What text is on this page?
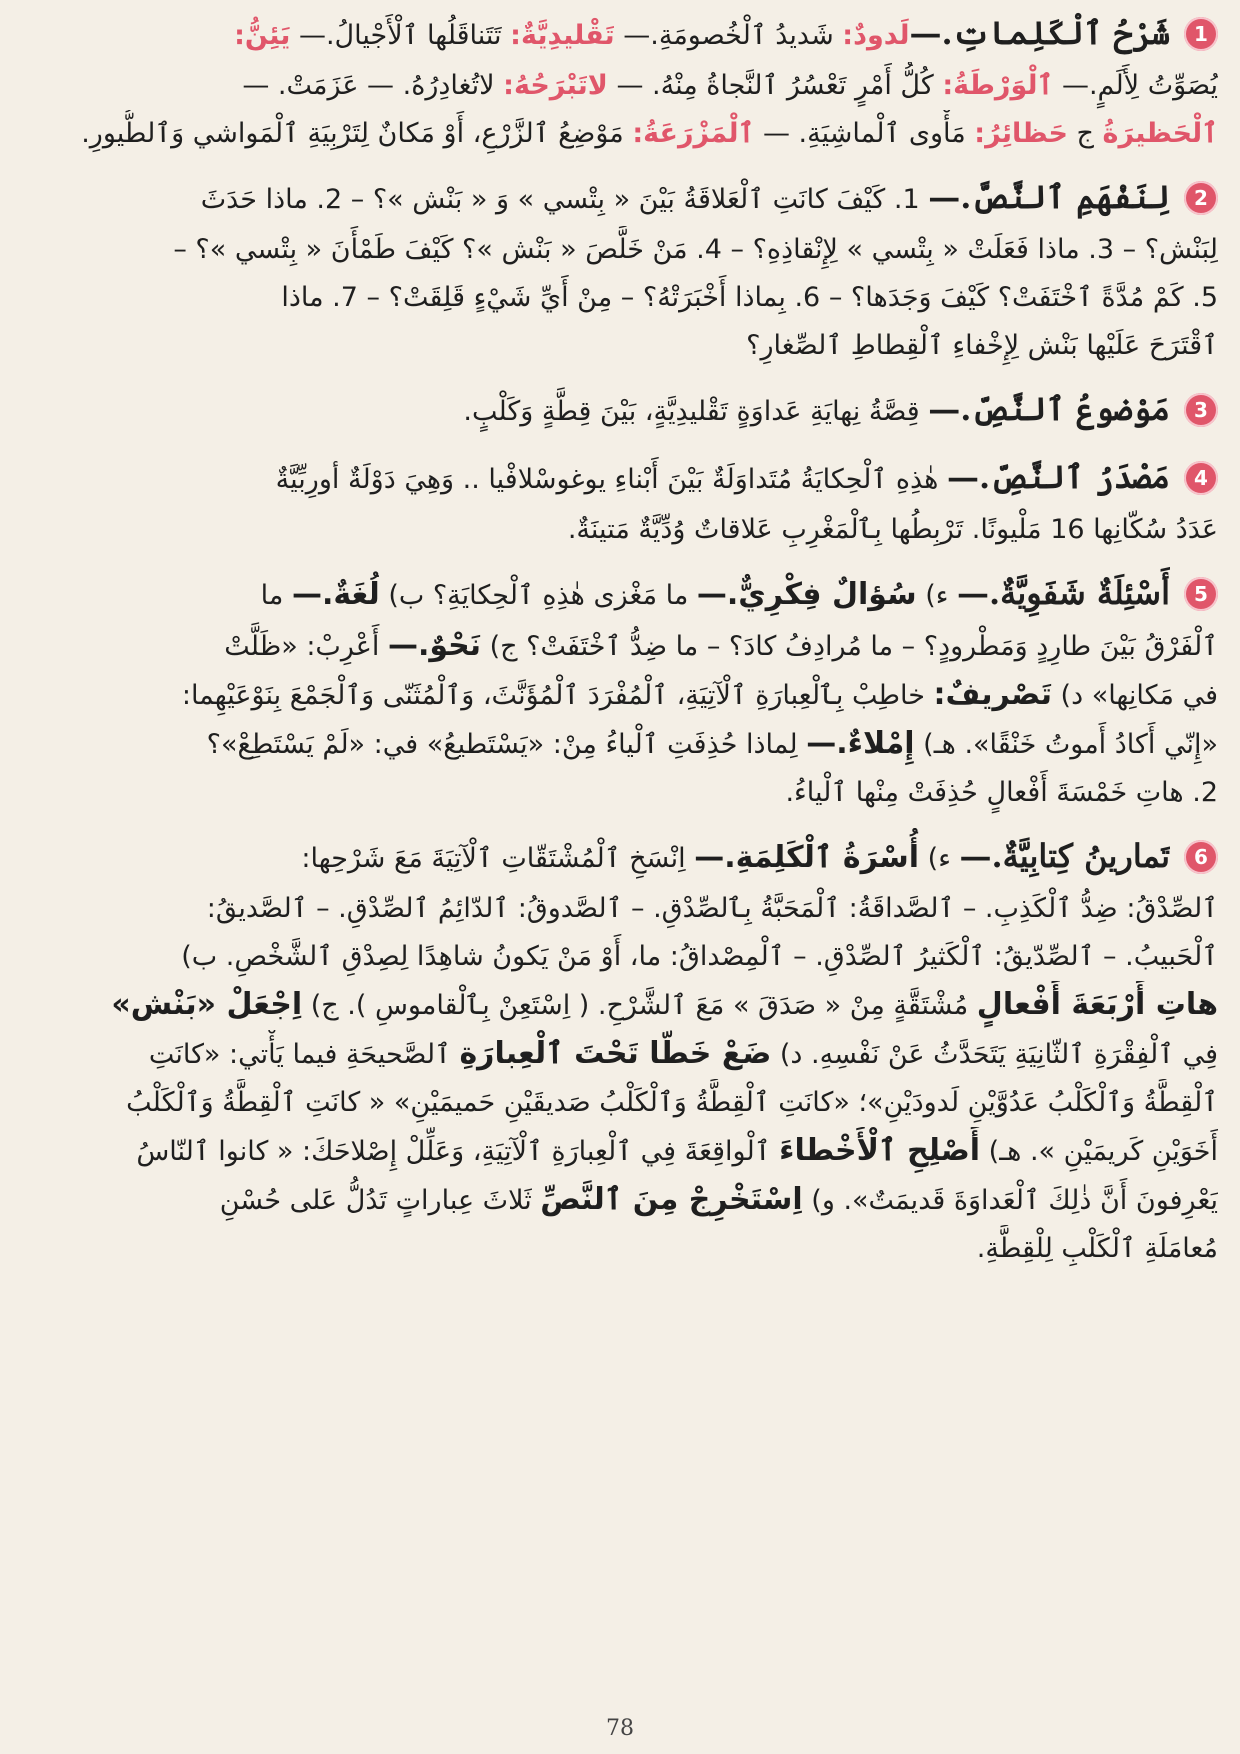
1
شَرْحُ ٱلْكَلِماتِ.—لَدودٌ: شَديدُ ٱلْخُصومَةِ.— تَقْليدِيَّةٌ: تَتَناقَلُها ٱلْأَجْيالُ.— يَئِنُّ:
يُصَوِّتُ لِأَلَمٍ.— ٱلْوَرْطَةُ: كُلُّ أَمْرٍ تَعْسُرُ ٱلنَّجاةُ مِنْهُ. — لاتَبْرَحُهُ: لاتُغادِرُهُ. — عَزَمَتْ. —
ٱلْحَظيرَةُ ج حَظائِرُ: مَأْوى ٱلْماشِيَةِ. — ٱلْمَزْرَعَةُ: مَوْضِعُ ٱلزَّرْعِ، أَوْ مَكانٌ لِتَرْبِيَةِ ٱلْمَواشي وَٱلطُّيورِ.
2
لِنَفْهَمِ ٱلنَّصَّ.— 1. كَيْفَ كانَتِ ٱلْعَلاقَةُ بَيْنَ « بِتْسي » وَ « بَنْش »؟ – 2. ماذا حَدَثَ
لِبَنْش؟ – 3. ماذا فَعَلَتْ « بِتْسي » لِإِنْقاذِهِ؟ – 4. مَنْ خَلَّصَ « بَنْش »؟ كَيْفَ طَمْأَنَ « بِتْسي »؟ –
5. كَمْ مُدَّةً ٱخْتَفَتْ؟ كَيْفَ وَجَدَها؟ – 6. بِماذا أَخْبَرَتْهُ؟ – مِنْ أَيِّ شَيْءٍ قَلِقَتْ؟ – 7. ماذا
ٱقْتَرَحَ عَلَيْها بَنْش لِإِخْفاءِ ٱلْقِطاطِ ٱلصِّغارِ؟
3
مَوْضوعُ ٱلنَّصِّ.— قِصَّةُ نِهايَةِ عَداوَةٍ تَقْليدِيَّةٍ، بَيْنَ قِطَّةٍ وَكَلْبٍ.
4
مَصْدَرُ ٱلنَّصِّ.— هٰذِهِ ٱلْحِكايَةُ مُتَداوَلَةٌ بَيْنَ أَبْناءِ يوغوسْلافْيا .. وَهِيَ دَوْلَةٌ أورِبِّيَّةٌ
عَدَدُ سُكّانِها 16 مَلْيونًا. تَرْبِطُها بِٱلْمَغْرِبِ عَلاقاتٌ وُدِّيَّةٌ مَتينَةٌ.
5
أَسْئِلَةٌ شَفَوِيَّةٌ.— ء) سُؤالٌ فِكْرِيٌّ.— ما مَغْزى هٰذِهِ ٱلْحِكايَةِ؟ ب) لُغَةٌ.— ما
ٱلْفَرْقُ بَيْنَ طارِدٍ وَمَطْرودٍ؟ – ما مُرادِفُ كادَ؟ – ما ضِدُّ ٱخْتَفَتْ؟ ج) نَحْوٌ.— أَعْرِبْ: «ظَلَّتْ
في مَكانِها» د) تَصْريفٌ: خاطِبْ بِٱلْعِبارَةِ ٱلْآتِيَةِ، ٱلْمُفْرَدَ ٱلْمُؤَنَّثَ، وَٱلْمُثَنّى وَٱلْجَمْعَ بِنَوْعَيْهِما:
«إِنّي أَكادُ أَموتُ خَنْقًا». هـ) إِمْلاءٌ.— لِماذا حُذِفَتِ ٱلْياءُ مِنْ: «يَسْتَطيعُ» في: «لَمْ يَسْتَطِعْ»؟
2. هاتِ خَمْسَةَ أَفْعالٍ حُذِفَتْ مِنْها ٱلْياءُ.
6
تَمارينُ كِتابِيَّةٌ.— ء) أُسْرَةُ ٱلْكَلِمَةِ.— اِنْسَخِ ٱلْمُشْتَقّاتِ ٱلْآتِيَةَ مَعَ شَرْحِها:
ٱلصِّدْقُ: ضِدُّ ٱلْكَذِبِ. – ٱلصَّداقَةُ: ٱلْمَحَبَّةُ بِٱلصِّدْقِ. – ٱلصَّدوقُ: ٱلدّائِمُ ٱلصِّدْقِ. – ٱلصَّديقُ:
ٱلْحَبيبُ. – ٱلصِّدّيقُ: ٱلْكَثيرُ ٱلصِّدْقِ. – ٱلْمِصْداقُ: ما، أَوْ مَنْ يَكونُ شاهِدًا لِصِدْقِ ٱلشَّخْصِ. ب)
هاتِ أَرْبَعَةَ أَفْعالٍ مُشْتَقَّةٍ مِنْ « صَدَقَ » مَعَ ٱلشَّرْحِ. ( اِسْتَعِنْ بِٱلْقاموسِ ). ج) اِجْعَلْ «بَنْش»
فِي ٱلْفِقْرَةِ ٱلثّانِيَةِ يَتَحَدَّثُ عَنْ نَفْسِهِ. د) ضَعْ خَطًّا تَحْتَ ٱلْعِبارَةِ ٱلصَّحيحَةِ فيما يَأْتي: «كانَتِ
ٱلْقِطَّةُ وَٱلْكَلْبُ عَدُوَّيْنِ لَدودَيْنِ»؛ «كانَتِ ٱلْقِطَّةُ وَٱلْكَلْبُ صَديقَيْنِ حَميمَيْنِ» « كانَتِ ٱلْقِطَّةُ وَٱلْكَلْبُ
أَخَوَيْنِ كَريمَيْنِ ». هـ) أَصْلِحِ ٱلْأَخْطاءَ ٱلْواقِعَةَ فِي ٱلْعِبارَةِ ٱلْآتِيَةِ، وَعَلِّلْ إِصْلاحَكَ: « كانوا ٱلنّاسُ
يَعْرِفونَ أَنَّ ذٰلِكَ ٱلْعَداوَةَ قَديمَتٌ». و) اِسْتَخْرِجْ مِنَ ٱلنَّصِّ ثَلاثَ عِباراتٍ تَدُلُّ عَلى حُسْنِ
مُعامَلَةِ ٱلْكَلْبِ لِلْقِطَّةِ.
78
